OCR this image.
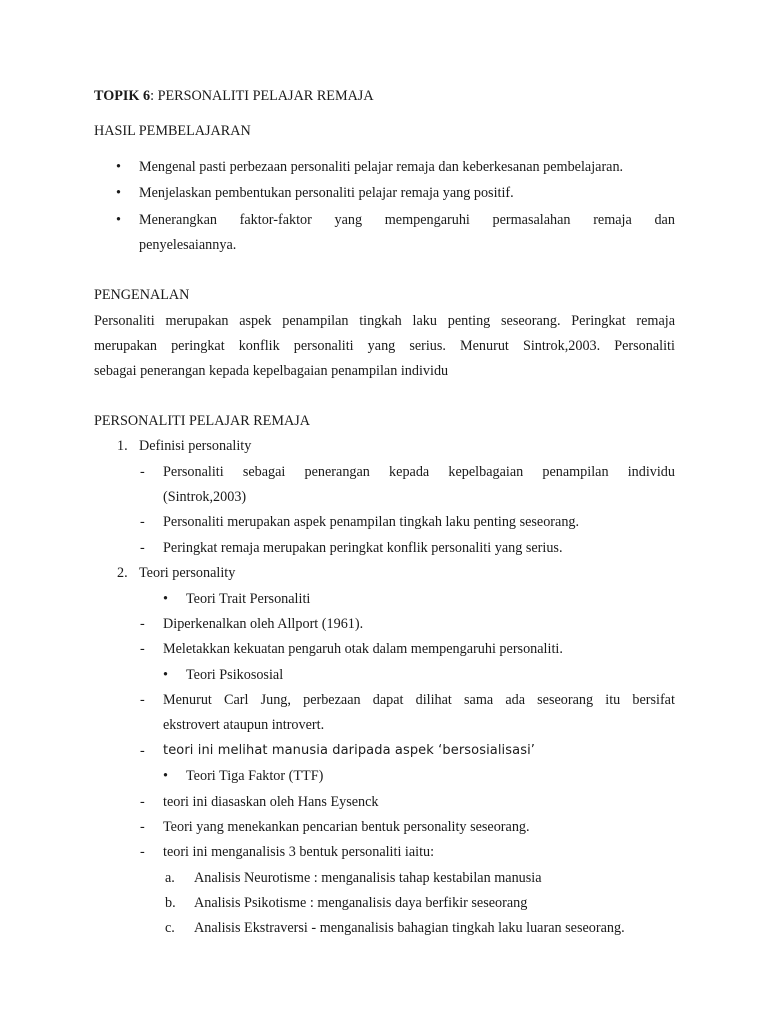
TOPIK 6: PERSONALITI PELAJAR REMAJA
HASIL PEMBELAJARAN
• Mengenal pasti perbezaan personaliti pelajar remaja dan keberkesanan pembelajaran.
• Menjelaskan pembentukan personaliti pelajar remaja yang positif.
• Menerangkan faktor-faktor yang mempengaruhi permasalahan remaja dan
penyelesaiannya.
PENGENALAN
Personaliti merupakan aspek penampilan tingkah laku penting seseorang. Peringkat remaja
merupakan peringkat konflik personaliti yang serius. Menurut Sintrok,2003. Personaliti
sebagai penerangan kepada kepelbagaian penampilan individu
PERSONALITI PELAJAR REMAJA
1. Definisi personality
- Personaliti sebagai penerangan kepada kepelbagaian penampilan individu
(Sintrok,2003)
- Personaliti merupakan aspek penampilan tingkah laku penting seseorang.
- Peringkat remaja merupakan peringkat konflik personaliti yang serius.
2. Teori personality
• Teori Trait Personaliti
- Diperkenalkan oleh Allport (1961).
- Meletakkan kekuatan pengaruh otak dalam mempengaruhi personaliti.
• Teori Psikososial
- Menurut Carl Jung, perbezaan dapat dilihat sama ada seseorang itu bersifat
ekstrovert ataupun introvert.
- teori ini melihat manusia daripada aspek ‘bersosialisasi’
• Teori Tiga Faktor (TTF)
- teori ini diasaskan oleh Hans Eysenck
- Teori yang menekankan pencarian bentuk personality seseorang.
- teori ini menganalisis 3 bentuk personaliti iaitu:
a. Analisis Neurotisme : menganalisis tahap kestabilan manusia
b. Analisis Psikotisme : menganalisis daya berfikir seseorang
c. Analisis Ekstraversi - menganalisis bahagian tingkah laku luaran seseorang.
